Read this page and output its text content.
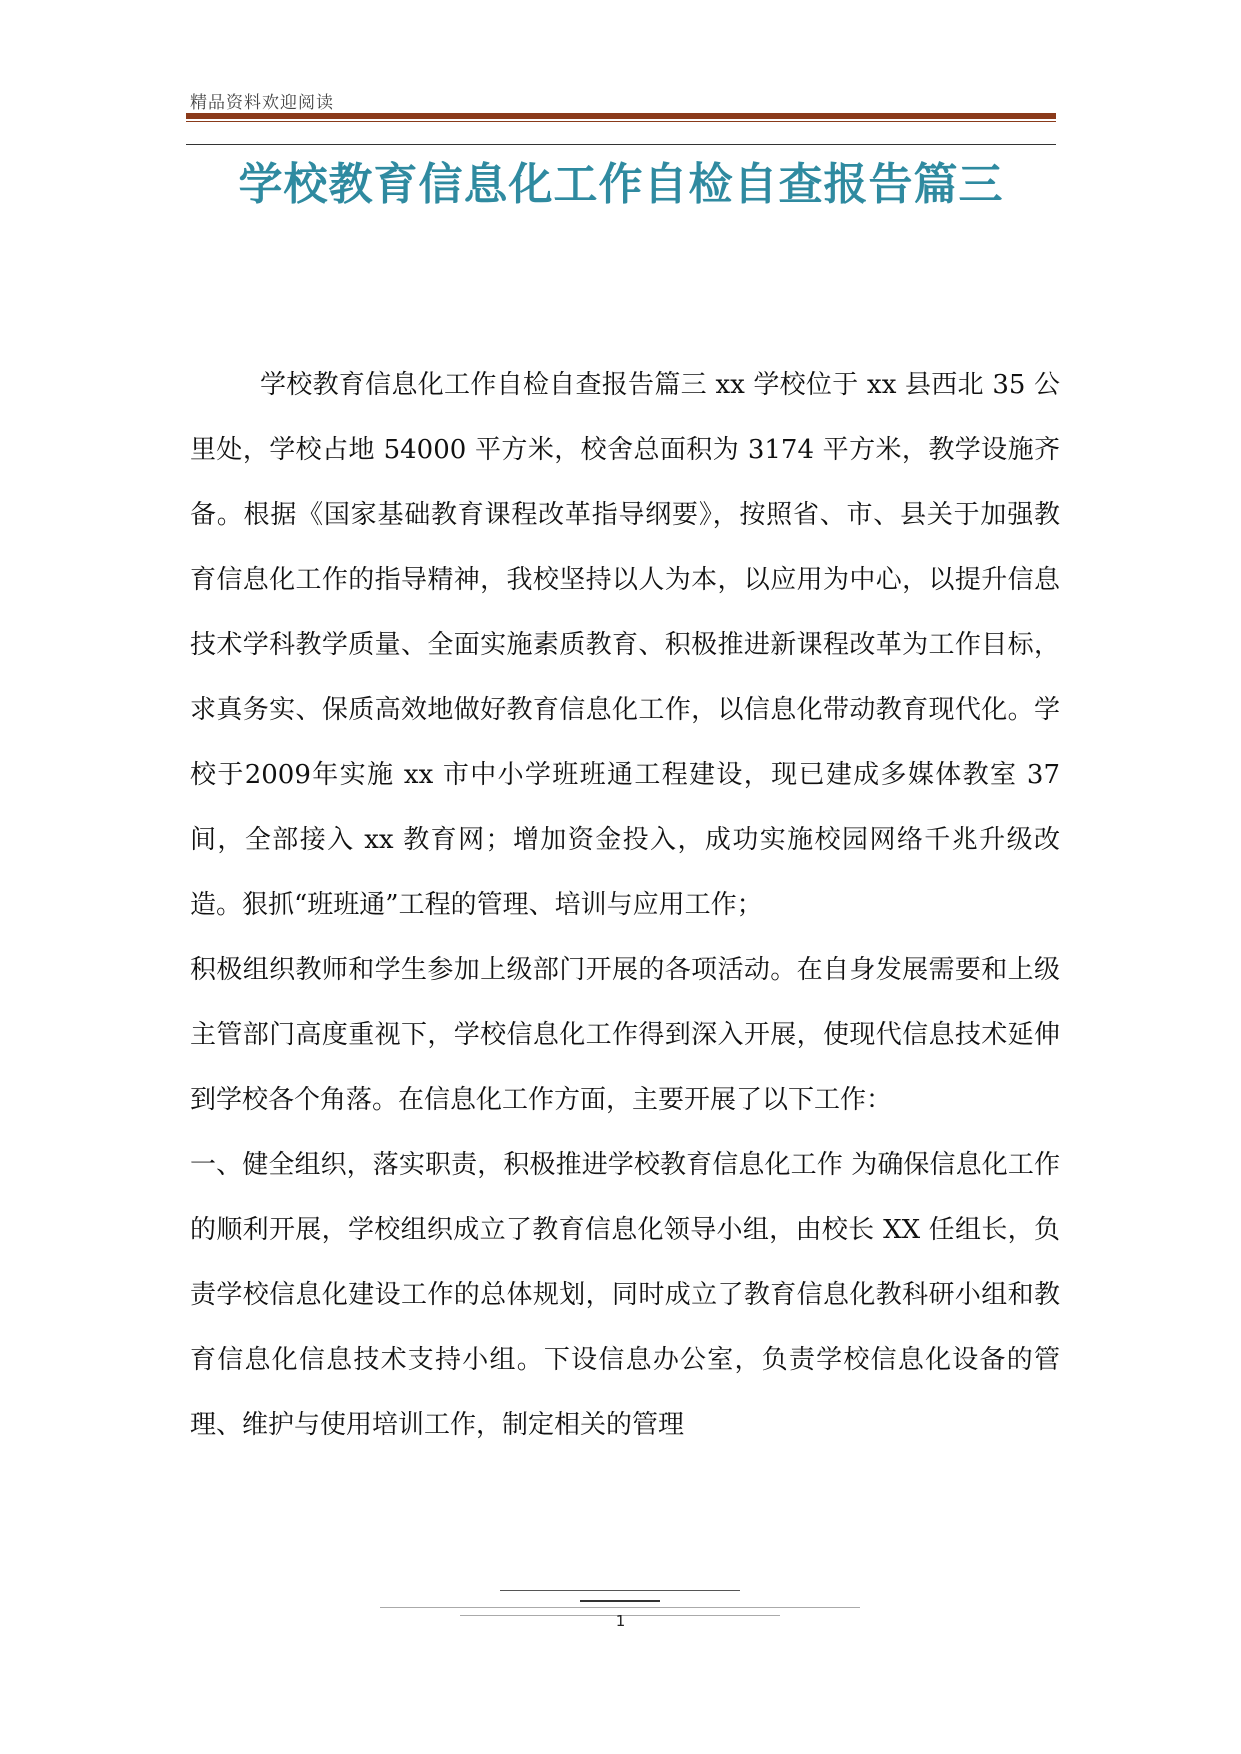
精品资料欢迎阅读
学校教育信息化工作自检自查报告篇三

学校教育信息化工作自检自查报告篇三 xx 学校位于 xx 县西北 35 公里处，学校占地 54000 平方米，校舍总面积为 3174 平方米，教学设施齐备。根据《国家基础教育课程改革指导纲要》，按照省、市、县关于加强教育信息化工作的指导精神，我校坚持以人为本，以应用为中心，以提升信息技术学科教学质量、全面实施素质教育、积极推进新课程改革为工作目标，求真务实、保质高效地做好教育信息化工作，以信息化带动教育现代化。学校于2009年实施 xx 市中小学班班通工程建设，现已建成多媒体教室 37 间，全部接入 xx 教育网；增加资金投入，成功实施校园网络千兆升级改造。狠抓“班班通”工程的管理、培训与应用工作；

积极组织教师和学生参加上级部门开展的各项活动。在自身发展需要和上级主管部门高度重视下，学校信息化工作得到深入开展，使现代信息技术延伸到学校各个角落。在信息化工作方面，主要开展了以下工作：

一、健全组织，落实职责，积极推进学校教育信息化工作 为确保信息化工作的顺利开展，学校组织成立了教育信息化领导小组，由校长 XX 任组长，负责学校信息化建设工作的总体规划，同时成立了教育信息化教科研小组和教育信息化信息技术支持小组。下设信息办公室，负责学校信息化设备的管理、维护与使用培训工作，制定相关的管理

1
